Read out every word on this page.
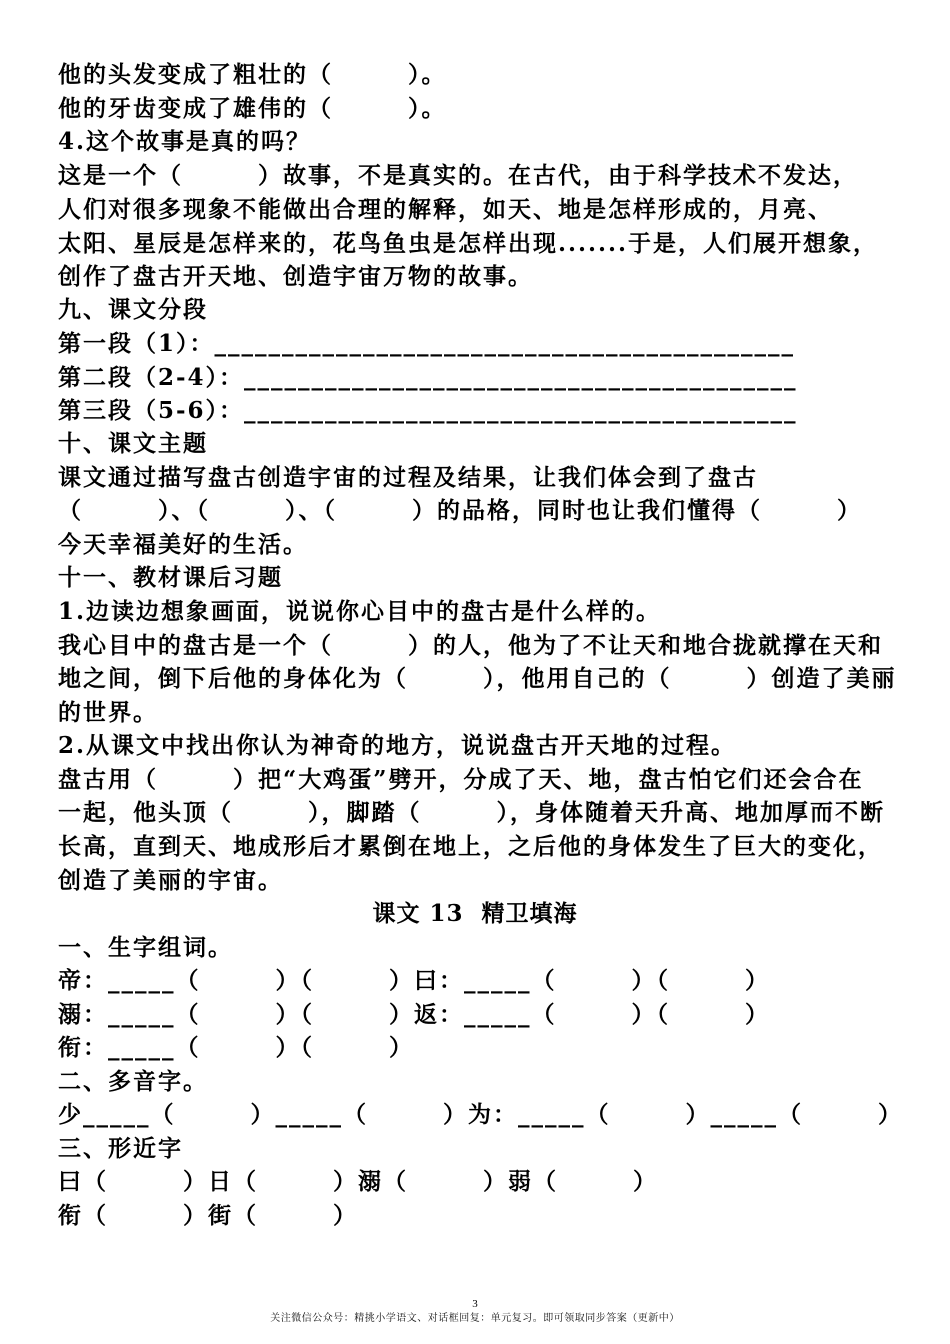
他的头发变成了粗壮的（　　　）。
他的牙齿变成了雄伟的（　　　）。
4.这个故事是真的吗？
这是一个（　　　）故事，不是真实的。在古代，由于科学技术不发达，
人们对很多现象不能做出合理的解释，如天、地是怎样形成的，月亮、
太阳、星辰是怎样来的，花鸟鱼虫是怎样出现.......于是，人们展开想象，
创作了盘古开天地、创造宇宙万物的故事。
九、课文分段
第一段（1）：___________________________________________
第二段（2-4）：_________________________________________
第三段（5-6）：_________________________________________
十、课文主题
课文通过描写盘古创造宇宙的过程及结果，让我们体会到了盘古
（　　　）、（　　　）、（　　　）的品格，同时也让我们懂得（　　　）
今天幸福美好的生活。
十一、教材课后习题
1.边读边想象画面，说说你心目中的盘古是什么样的。
我心目中的盘古是一个（　　　）的人，他为了不让天和地合拢就撑在天和
地之间，倒下后他的身体化为（　　　），他用自己的（　　　）创造了美丽
的世界。
2.从课文中找出你认为神奇的地方，说说盘古开天地的过程。
盘古用（　　　）把“大鸡蛋”劈开，分成了天、地，盘古怕它们还会合在
一起，他头顶（　　　），脚踏（　　　），身体随着天升高、地加厚而不断
长高，直到天、地成形后才累倒在地上，之后他的身体发生了巨大的变化，
创造了美丽的宇宙。
课文 13  精卫填海
一、生字组词。
帝：_____（　　　）（　　　）曰：_____（　　　）（　　　）
溺：_____（　　　）（　　　）返：_____（　　　）（　　　）
衔：_____（　　　）（　　　）
二、多音字。
少_____（　　　）_____（　　　）为：_____（　　　）_____（　　　）
三、形近字
曰（　　　）日（　　　）溺（　　　）弱（　　　）
衔（　　　）街（　　　）
3
关注微信公众号：精挑小学语文、对话框回复：单元复习。即可领取同步答案（更新中）
